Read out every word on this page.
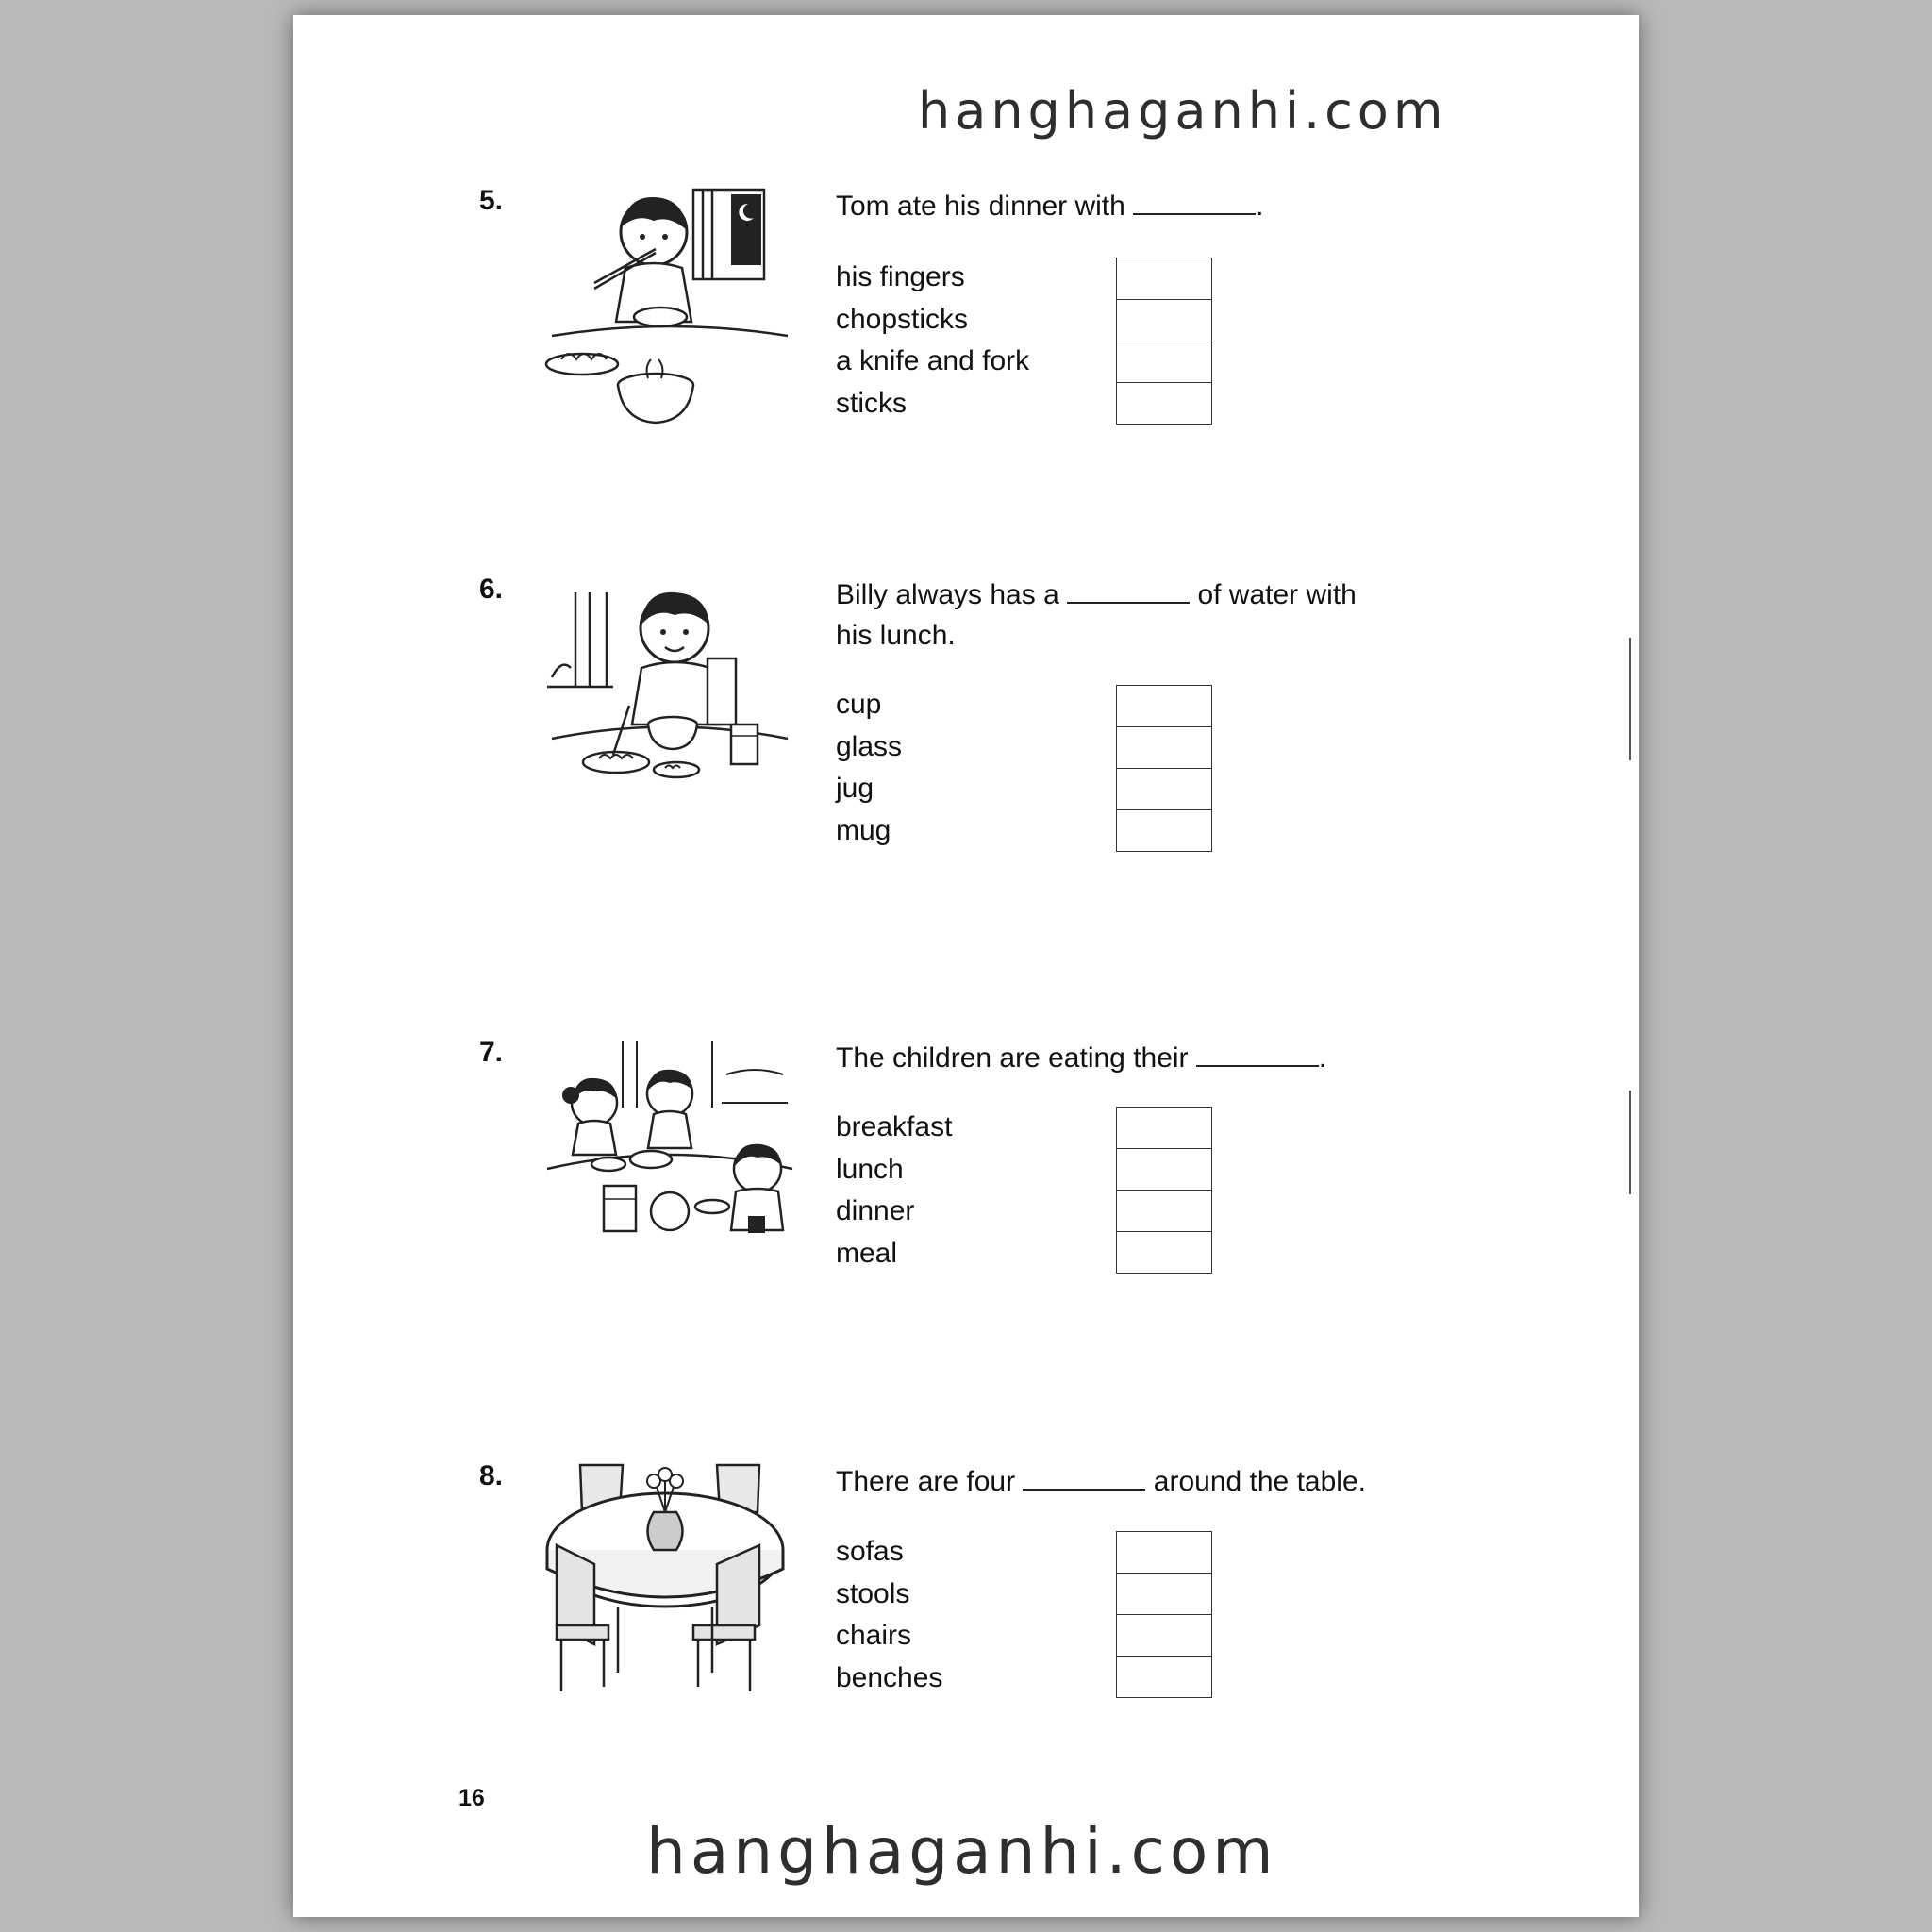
hanghaganhi.com
5.	Tom ate his dinner with	.
his fingers
chopsticks
a knife and fork
sticks
6.	Billy always has a	of water with
his lunch.
cup
glass
jug
mug
7.	The children are eating their	.
breakfast
lunch
dinner
meal
8.	There are four	around the table.
sofas
stools
chairs
benches
16
hanghaganhi.com
